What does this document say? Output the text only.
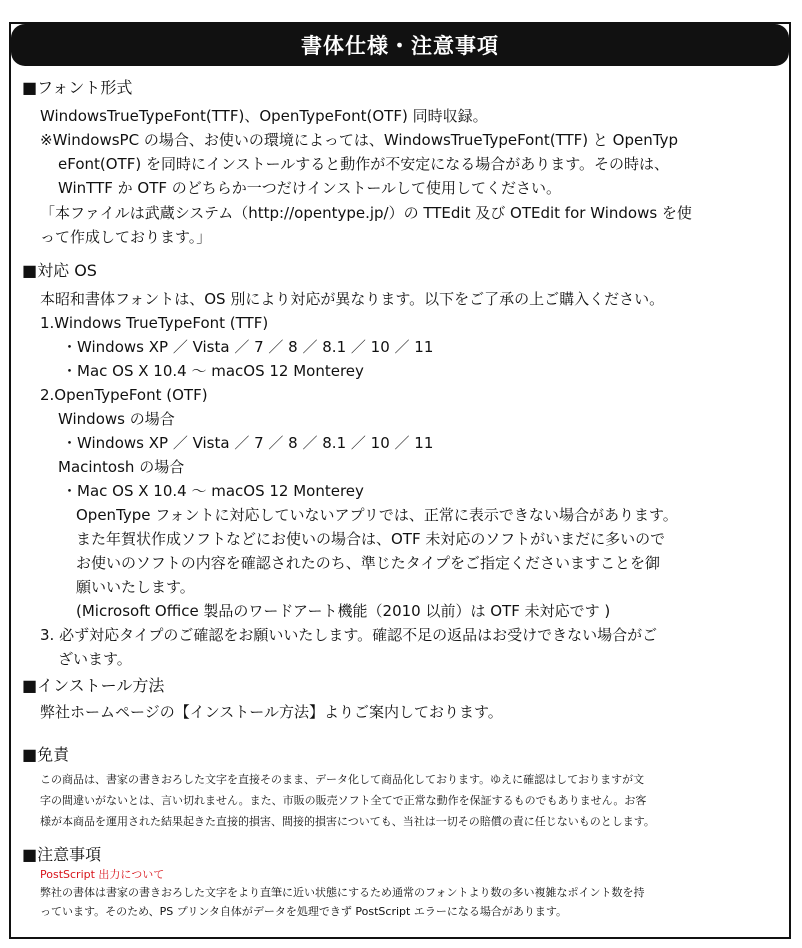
書体仕様・注意事項
■フォント形式
WindowsTrueTypeFont(TTF)、OpenTypeFont(OTF) 同時収録。
※WindowsPC の場合、お使いの環境によっては、WindowsTrueTypeFont(TTF) と OpenTyp
eFont(OTF) を同時にインストールすると動作が不安定になる場合があります。その時は、
WinTTF か OTF のどちらか一つだけインストールして使用してください。
「本ファイルは武蔵システム（http://opentype.jp/）の TTEdit 及び OTEdit for Windows を使
って作成しております。」
■対応 OS
本昭和書体フォントは、OS 別により対応が異なります。以下をご了承の上ご購入ください。
1.Windows TrueTypeFont (TTF)
・Windows XP ／ Vista ／ 7 ／ 8 ／ 8.1 ／ 10 ／ 11
・Mac OS X 10.4 〜 macOS 12 Monterey
2.OpenTypeFont (OTF)
Windows の場合
・Windows XP ／ Vista ／ 7 ／ 8 ／ 8.1 ／ 10 ／ 11
Macintosh の場合
・Mac OS X 10.4 〜 macOS 12 Monterey
OpenType フォントに対応していないアプリでは、正常に表示できない場合があります。
また年賀状作成ソフトなどにお使いの場合は、OTF 未対応のソフトがいまだに多いので
お使いのソフトの内容を確認されたのち、準じたタイプをご指定くださいますことを御
願いいたします。
(Microsoft Office 製品のワードアート機能（2010 以前）は OTF 未対応です )
3. 必ず対応タイプのご確認をお願いいたします。確認不足の返品はお受けできない場合がご
ざいます。
■インストール方法
弊社ホームページの【インストール方法】よりご案内しております。
■免責
この商品は、書家の書きおろした文字を直接そのまま、データ化して商品化しております。ゆえに確認はしておりますが文
字の間違いがないとは、言い切れません。また、市販の販売ソフト全てで正常な動作を保証するものでもありません。お客
様が本商品を運用された結果起きた直接的損害、間接的損害についても、当社は一切その賠償の責に任じないものとします。
■注意事項
PostScript 出力について
弊社の書体は書家の書きおろした文字をより直筆に近い状態にするため通常のフォントより数の多い複雑なポイント数を持
っています。そのため、PS プリンタ自体がデータを処理できず PostScript エラーになる場合があります。
